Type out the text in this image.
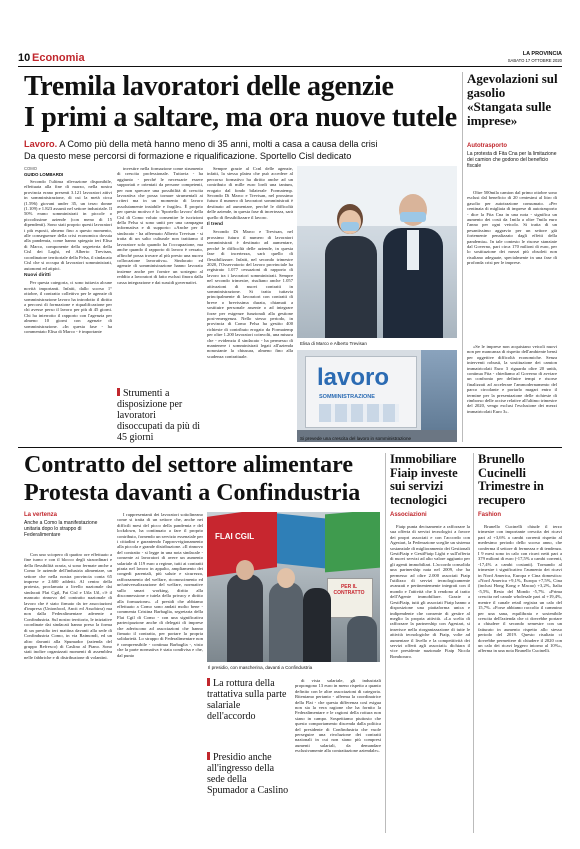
10 Economia	LA PROVINCIA
SABATO 17 OTTOBRE 2020
Tremila lavoratori delle agenzie
I primi a saltare, ma ora nuove tutele
Lavoro. A Como più della metà hanno meno di 35 anni, molti a casa a causa della crisi
Da questo mese percorsi di formazione e riqualificazione. Sportello Cisl dedicato
COMO
GUIDO LOMBARDI

Secondo l'ultima rilevazione disponibile, effettuata alla fine di marzo, nella nostra provincia erano presenti 3.121 lavoratori attivi in somministrazione, di cui la metà circa (1.596) giovani under 35, un terzo donne (1.109) e 1.823 assunti nel settore industriale. Il 50% erano somministrati in piccole o piccolissime aziende (con meno di 15 dipendenti). Sono stati proprio questi lavoratori i più esposti, almeno fino a questo momento, alle conseguenze della crisi economica dovuta alla pandemia, come hanno spiegato ieri Elisa di Marco, componente della segreteria della Cisl dei Laghi, ed Alberto Trevisan, coordinatore territoriale della Felsa, il sindacato Cisl che si occupa di lavoratori somministrati, autonomi ed atipici.

Nuovi diritti

Per questa categoria, ci sono tuttavia alcune novità importanti. Infatti, dallo scorso 1° ottobre, il contratto collettivo per le agenzie di somministrazione lavoro ha introdotto il diritto a percorsi di formazione e riqualificazione per chi avesse perso il lavoro per più di 45 giorni. Chi ha interrotto il rapporto con l'agenzia per almeno 10 giorni con agenzie di somministrazione. «In questa fase - ha commentato Elisa di Marco - è importante

investire nella formazione come strumento di crescita professionale. Tuttavia - ha aggiunto - perché le necessarie essere supportati e orientati da persone competenti, per non sprecare una possibilità di crescita lavorativa che possa tornare strumentali ai criteri ma in un momento di lavoro assolutamente instabile e fragile». È proprio per questo motivo è lo 'Sportello lavoro' della Cisl di Como voluto consentire le iscrizioni della Felsa si sono uniti per una campagna informativa e di supporto: «Anche per il sindacato - ha affermato Alberto Trevisan - si tratta di un salto culturale non trattiamo il lavoratore solo quando ha l'occupazione, ma anche quando il rapporto di lavoro è cessato, affinché possa trovare al più presto una nuova collocazione lavorativa». Sindacato ed agenzie di somministrazione hanno lavorato insieme anche per fornire un sostegno al reddito a lavoratori di fatto esclusi finora dalla cassa integrazione e dai sussidi governativi.

Strumenti a disposizione per lavoratori disoccupati da più di 45 giorni

Sempre grazie al Ccnl delle agenzie, infatti, la stessa platea che può accedere al percorso formativo ha diritto anche ad un contributo di mille euro lordi una tantum, erogato dal fondo bilaterale Formatemp. Secondo Di Marco e Trevisan, nel prossimo futuro il numero di lavoratori somministrati è destinato ad aumentare, perché le difficoltà delle aziende, in questa fase di incertezza, sarà quello di flessibilizzare il lavoro.

Il trend

Secondo Di Marco e Trevisan, nel prossimo futuro il numero di lavoratori somministrati è destinato ad aumentare, perché le difficoltà delle aziende, in questa fase di incertezza, sarà quello di flessibilizzare. Infatti, nel secondo trimestre 2020, l'Osservatorio del lavoro provinciale ha registrato 1.077 cessazioni di rapporto di lavoro tra i lavoratori somministrati. Sempre nel secondo trimestre, risultano anche 1.057 attivazioni di nuovi contratti in somministrazione. Si tratta tuttavia principalmente di lavoratori con contratti di breve o brevissima durata, chiamati a sostituire personale assente o ad integrare forze per esigenze funzionali alla gestione post-emergenza. Nello stesso periodo, in provincia di Como Felsa ha gestito 400 richieste di contributo erogato da Formatemp per oltre 1.200 lavoratori coinvolti, una misura che - evidenzia il sindacato - ha permesso di mantenere i somministrati legati all'azienda nonostante la chiusura, almeno fino alla scadenza contrattuale.

Elisa di Marco e Alberto Trevisan
lavoro
SOMMINISTRAZIONE
Si prevede una crescita del lavoro in somministrazione
Agevolazioni sul gasolio «Stangata sulle imprese»
Autotrasporto
La protesta di Fita Cna per la limitazione dei camion che godono del beneficio fiscale

Oltre 500mila camion dal primo ottobre sono esclusi dal beneficio di 20 centesimi al litro di gasolio per autotrazione consumato. «Per centinaia di migliaia di imprese di autotrasporto - dice la Fita Cna in una nota - significa un aumento dei costi da 1mila a oltre 7mila euro l'anno per ogni veicolo. Si tratta di un pesantissimo aggravio per un settore già fortemente penalizzato dagli effetti della pandemia». In tale contesto le risorse stanziate dal Governo, pari circa 170 milioni di euro, per lo sostituzione dei mezzi più obsoleti non risultano adeguate, specialmente in una fase di profonda crisi per le imprese.

«Se le imprese non acquistano veicoli nuovi non per mancanza di rispetto dell'ambiente bensì per oggettive difficoltà economiche. Senza interventi robusti, la sostituzione dei camion immatricolati Euro 3 riguarda oltre 20 unità, continua Fita - chiediamo al Governo di avviare un confronto per definire tempi e risorse finalizzati ad accelerare l'ammodernamento del parco circolante e portarlo magari entro il termine per la presentazione delle richieste di rimborso delle accise relative all'ultimo trimestre del 2020, vengo esclusi l'esclusione dei mezzi immatricolati Euro 3».

Contratto del settore alimentare
Protesta davanti a Confindustria
La vertenza
Anche a Como la manifestazione unitaria dopo lo strappo di Federalimentare

Con uno sciopero di quattro ore effettuato a fine turno e con il blocco degli straordinari e della flessibilità oraria, si sono fermate anche a Como le aziende dell'industria alimentare, un settore che nella nostra provincia conta 65 imprese e 2.600 addetti. Al centro della protesta, proclamata a livello nazionale dai sindacati Flai Cgil, Fai Cisl e Uila Uil, c'è il mancato rinnovo del contratto nazionale di lavoro che è stato firmato da tre associazioni d'impresa (Unionfood, Ancit ed Assobirra) ma non dalla Federalimentare aderente a Confindustria. Sul nostro territorio, le iniziative coordinate dai sindacati hanno preso la forma di un presidio ieri mattina davanti alla sede di Confindustria Como, in via Raimondi, ed un altro davanti alla Spumador (azienda del gruppo Refresco) di Caslino al Piano. Sono stati inoltre organizzati momenti di assemblea nelle fabbriche e di distribuzione di volantini.

I rappresentanti dei lavoratori sottolineano come si tratta di un settore che, anche nei difficili mesi del picco della pandemia e del lockdown, ha continuato a fare il proprio contributo, fornendo un servizio essenziale per i cittadini e garantendo l'approvvigionamento alla piccola e grande distribuzione. «Il rinnovo del contratto - si legge in una nota sindacale - consente ai lavoratori di avere un aumento salariale di 119 euro a regime, tutti ai contratti pirata nel lavoro in appalto, ampliamento dei congedi parentali, più salute e sicurezza, rafforzamento del welfare, riconoscimento ed un'universalizzazione del welfare, normative sullo smart working, diritto alla disconnessione e tutela della privacy e diritto alla formazione». «I presidi che abbiamo effettuato a Como sono andati molto bene - commenta Cristina Barbaglia, segretaria della Flai Cgil di Como - con una significativa partecipazione anche di delegati di imprese che aderiscono ad associazioni che hanno firmato il contratto, per portare la propria solidarietà. Lo strappo di Federalimentare non è comprensibile - continua Barbaglia -, visto che la parte normativa è stata condivisa e che, dal punto

FLAI CGIL
PER IL CONTRATTO
Il presidio, con mascherina, davanti a Confindustria
La rottura della trattativa sulla parte salariale dell'accordo
Presidio anche all'ingresso della sede della Spumador a Caslino

di vista salariale, gli industriali propongono 13 euro in meno rispetto a quanto definito con le altre associazioni di categoria. Riteniamo pertanto - afferma la coordinatrice della Flai - che questa differenza così esigua non sia la vera ragione che ha fornito la Federalimentare e le ragioni della rottura non siano in campo. Sospettiamo piuttosto che questo comportamento discenda dalla politica del presidente di Confindustria che vuole perseguire una rivoluzione dei contratti nazionali in cui non siano più compresi aumenti salariali, da demandare esclusivamente alla contrattazione aziendale».

Immobiliare Fiaip investe sui servizi tecnologici
Associazioni

Fiaip punta decisamente a rafforzare la sua offerta di servizi tecnologici a favore dei propri associati e con l'accordo con Agestart, la Federazione sceglie un sistema sostanziale di miglioramento dei Gestionali GestiFiaip e GestiFiaip Light e sull'offerta di nuovi servizi ad alto valore aggiunto per gli agenti immobiliari. L'accordo consolida una partnership nata nel 2009, che ha permesso ad oltre 2.000 associati Fiaip l'utilizzo di servizi tecnologicamente avanzati e pertinentemente integrati con il mondo e l'attività che li rendono al tratto dell'Agente immobiliare. Grazie a GestiFiaip, tutti gli associati Fiaip hanno a disposizione una piattaforma unica e indipendente che consente di gestire al meglio la propria attività. «La scelta di rafforzare la partnership con Agestart, si inserisce nella riorganizzazione di tutte le attività tecnologiche di Fiaip, volte ad aumentare il livello e la competitività dei servizi offerti agli associati» dichiara il vice presidente nazionale Fiaip Nicola Bomboraro.

Brunello Cucinelli Trimestre in recupero
Fashion

Brunello Cucinelli chiude il terzo trimestre con importante crescita dei ricavi pari al +3,6% a cambi correnti rispetto al medesimo periodo dello scorso anno, che conferma il settore di fermezza e di tendenza. I 9 mesi sono in calo con ricavi netti pari a 379 milioni di euro (-17,5% a cambi correnti, -17,4% a cambi costanti). Tornando al trimestre i significativo l'aumento dei ricavi in Nord America, Europa e Cina domestica: «Nord America +9,1%, Europa +7,5%, Cina (inclusi Hong Kong e Macao) +3,2%, Italia -5,5%, Resto del Mondo -5,7%. «Prima crescita nel canale wholesale pari al +19,4%, mentre il canale retail registra un calo del 15,7%. «Forse abbiamo raccolto il cammino per una sana, equilibrata e sostenibile crescita dell'azienda che ci dovrebbe portare a chiudere il secondo semestre con un fatturato in aumento rispetto allo stesso periodo del 2019. Questo risultato ci dovrebbe permettere di chiudere il 2020 con un calo dei ricavi leggero intorno al 10%», afferma in una nota Brunello Cucinelli.
